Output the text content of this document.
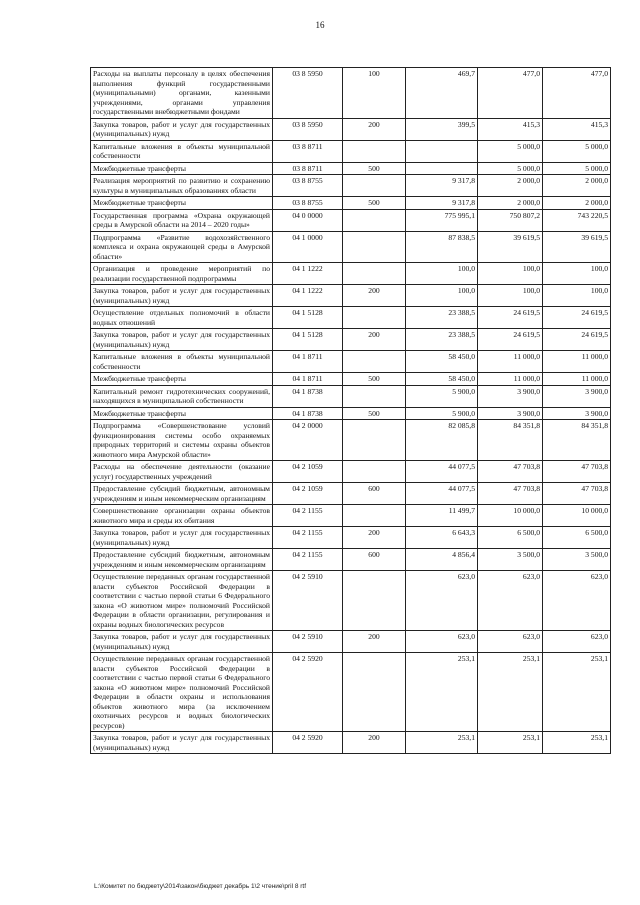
16
Расходы на выплаты персоналу в целях обеспечения выполнения функций государственными (муниципальными) органами, казенными учреждениями, органами управления государственными внебюджетными фондами	03 8 5950	100	469,7	477,0	477,0
Закупка товаров, работ и услуг для государственных (муниципальных) нужд	03 8 5950	200	399,5	415,3	415,3
Капитальные вложения в объекты муниципальной собственности	03 8 8711			5 000,0	5 000,0
Межбюджетные трансферты	03 8 8711	500		5 000,0	5 000,0
Реализация мероприятий по развитию и сохранению культуры в муниципальных образованиях области	03 8 8755		9 317,8	2 000,0	2 000,0
Межбюджетные трансферты	03 8 8755	500	9 317,8	2 000,0	2 000,0
Государственная программа «Охрана окружающей среды в Амурской области на 2014 – 2020 годы»	04 0 0000		775 995,1	750 807,2	743 220,5
Подпрограмма «Развитие водохозяйственного комплекса и охрана окружающей среды в Амурской области»	04 1 0000		87 838,5	39 619,5	39 619,5
Организация и проведение мероприятий по реализации государственной подпрограммы	04 1 1222		100,0	100,0	100,0
Закупка товаров, работ и услуг для государственных (муниципальных) нужд	04 1 1222	200	100,0	100,0	100,0
Осуществление отдельных полномочий в области водных отношений	04 1 5128		23 388,5	24 619,5	24 619,5
Закупка товаров, работ и услуг для государственных (муниципальных) нужд	04 1 5128	200	23 388,5	24 619,5	24 619,5
Капитальные вложения в объекты муниципальной собственности	04 1 8711		58 450,0	11 000,0	11 000,0
Межбюджетные трансферты	04 1 8711	500	58 450,0	11 000,0	11 000,0
Капитальный ремонт гидротехнических сооружений, находящихся в муниципальной собственности	04 1 8738		5 900,0	3 900,0	3 900,0
Межбюджетные трансферты	04 1 8738	500	5 900,0	3 900,0	3 900,0
Подпрограмма «Совершенствование условий функционирования системы особо охраняемых природных территорий и системы охраны объектов животного мира Амурской области»	04 2 0000		82 085,8	84 351,8	84 351,8
Расходы на обеспечение деятельности (оказание услуг) государственных учреждений	04 2 1059		44 077,5	47 703,8	47 703,8
Предоставление субсидий бюджетным, автономным учреждениям и иным некоммерческим организациям	04 2 1059	600	44 077,5	47 703,8	47 703,8
Совершенствование организации охраны объектов животного мира и среды их обитания	04 2 1155		11 499,7	10 000,0	10 000,0
Закупка товаров, работ и услуг для государственных (муниципальных) нужд	04 2 1155	200	6 643,3	6 500,0	6 500,0
Предоставление субсидий бюджетным, автономным учреждениям и иным некоммерческим организациям	04 2 1155	600	4 856,4	3 500,0	3 500,0
Осуществление переданных органам государственной власти субъектов Российской Федерации в соответствии с частью первой статьи 6 Федерального закона «О животном мире» полномочий Российской Федерации в области организации, регулирования и охраны водных биологических ресурсов	04 2 5910		623,0	623,0	623,0
Закупка товаров, работ и услуг для государственных (муниципальных) нужд	04 2 5910	200	623,0	623,0	623,0
Осуществление переданных органам государственной власти субъектов Российской Федерации в соответствии с частью первой статьи 6 Федерального закона «О животном мире» полномочий Российской Федерации в области охраны и использования объектов животного мира (за исключением охотничьих ресурсов и водных биологических ресурсов)	04 2 5920		253,1	253,1	253,1
Закупка товаров, работ и услуг для государственных (муниципальных) нужд	04 2 5920	200	253,1	253,1	253,1
L:\Комитет по бюджету\2014\закон\бюджет декабрь 1\2 чтение\pril 8 rtf
